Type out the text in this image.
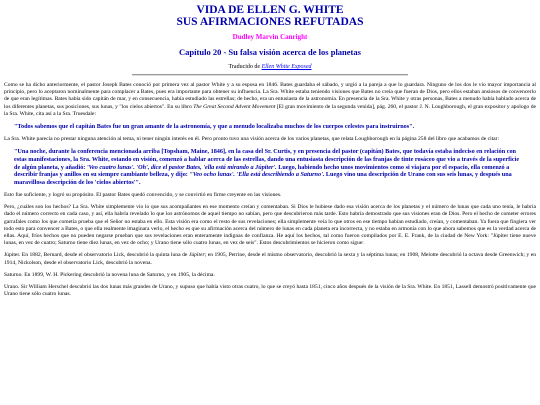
VIDA DE ELLEN G. WHITE
SUS AFIRMACIONES REFUTADAS
Dudley Marvin Canright
Capítulo 20 - Su falsa visión acerca de los planetas
Traducido de Ellen White Exposed

Como se ha dicho anteriormente, el pastor Joseph Bates conoció por primera vez al pastor White y a su esposa en 1846. Bates guardaba el sábado, y urgió a la pareja a que lo guardara. Ninguno de los dos le vio mayor importancia al principio, pero lo aceptaron nominalmente para complacer a Bates, pues era importante para obtener su influencia. La Sra. White estaba teniendo visiones que Bates no creía que fueran de Dios, pero ellos estaban ansiosos de convencerlo de que eran legítimas. Bates había sido capitán de mar, y en consecuencia, había estudiado las estrellas; de hecho, era un entusiasta de la astronomía. En presencia de la Sra. White y otras personas, Bates a menudo había hablado acerca de los diferentes planetas, sus posiciones, sus lunas, y "los cielos abiertos". En su libro The Great Second Advent Movement [El gran movimiento de la segunda venida], pág. 260, el pastor J. N. Loughborough, el gran expositor y apologo de la Sra. White, cita así a la Sra. Truesdale:

"Todos sabemos que el capitán Bates fue un gran amante de la astronomía, y que a menudo localizaba muchos de los cuerpos celestes para instruirnos".

La Sra. White parecía no prestar ninguna atención al tema, ni tener ningún interés en él. Pero pronto tuvo una visión acerca de los varios planetas, que relata Loughborough en la página 258 del libro que acabamos de citar:

"Una noche, durante la conferencia mencionada arriba [Topsham, Maine, 1846], en la casa del Sr. Curtis, y en presencia del pastor (capitán) Bates, que todavía estaba indeciso en relación con estas manifestaciones, la Sra. White, estando en visión, comenzó a hablar acerca de las estrellas, dando una entusiasta descripción de las franjas de tinte rosáceo que vio a través de la superficie de algún planeta, y añadió: 'Veo cuatro lunas'. 'Oh', dice el pastor Bates, 'ella está mirando a Júpiter'. Luego, habiendo hecho unos movimientos como si viajara por el espacio, ella comenzó a describir franjas y anillos en su siempre cambiante belleza, y dijo: "Veo ocho lunas'. 'Ella está describiendo a Saturno'. Luego vino una descripción de Urano con sus seis lunas, y después una maravillosa descripción de los 'cielos abiertos'".

Esto fue suficiente, y logró su propósito. El pastor Bates quedó convencido, y se convirtió en firme creyente en las visiones.

Pero, ¿cuáles son los hechos? La Sra. White simplemente vio lo que sus acompañantes en ese momento creían y comentaban. Si Dios le hubiese dado esa visión acerca de los planetas y el número de lunas que cada uno tenía, le habría dado el número correcto en cada caso, y así, ella habría revelado lo que los astrónomos de aquel tiempo no sabían, pero que descubrieron más tarde. Esto habría demostrado que sus visiones eran de Dios. Pero el hecho de cometer errores garrafales como los que cometía prueba que el Señor no estaba en ello. Esta visión era como el resto de sus revelaciones; ella simplemente veía lo que otros en ese tiempo habían estudiado, creían, y comentaban. Ya fuera que fingiera ver todo esto para convencer a Bates, o que ella realmente imaginara verlo, el hecho es que su afirmación acerca del número de lunas en cada planeta era incorrecta, y no estaba en armonía con lo que ahora sabemos que es la verdad acerca de ellas. Aquí, fríos hechos que no pueden negarse prueban que sus revelaciones eran enteramente indignas de confianza. He aquí los hechos, tal como fueron compilados por E. E. Frank, de la ciudad de New York: "Júpiter tiene nueve lunas, en vez de cuatro; Saturno tiene diez lunas, en vez de ocho; y Urano tiene sólo cuatro lunas, en vez de seis". Estos descubrimientos se hicieron como sigue:

Júpiter. En 1882, Bernard, desde el observatorio Lick, descubrió la quinta luna de Júpiter; en 1905, Perrine, desde el mismo observatorio, descubrió la sexta y la séptima lunas; en 1908, Melotte descubrió la octava desde Greenwich; y en 1914, Nickolson, desde el observatorio Lick, descubrió la novena.

Saturno. En 1899, W. H. Pickering descubrió la novena luna de Saturno, y en 1905, la décima.

Urano. Sir William Herschel descubrió las dos lunas más grandes de Urano, y supuso que había visto otras cuatro, lo que se creyó hasta 1851, cinco años después de la visión de la Sra. White. En 1851, Lassell demostró positivamente que Urano tiene sólo cuatro lunas.
